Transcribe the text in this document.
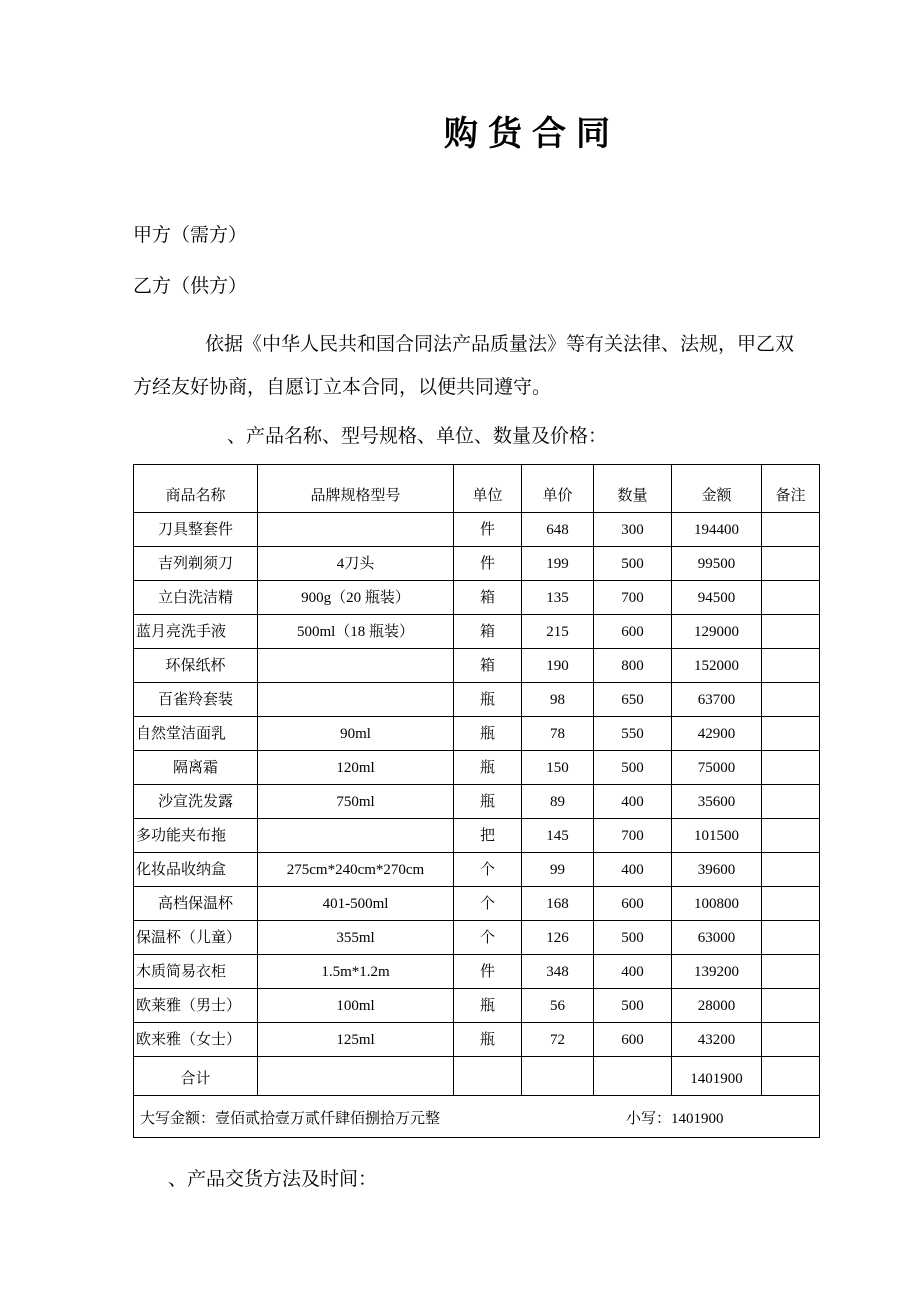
购货合同

甲方（需方）

乙方（供方）

依据《中华人民共和国合同法产品质量法》等有关法律、法规，甲乙双
方经友好协商，自愿订立本合同，以便共同遵守。
、产品名称、型号规格、单位、数量及价格：
商品名称	品牌规格型号	单位	单价	数量	金额	备注
刀具整套件		件	648	300	194400	
吉列剃须刀	4刀头	件	199	500	99500	
立白洗洁精	900g（20 瓶装）	箱	135	700	94500	
蓝月亮洗手液	500ml（18 瓶装）	箱	215	600	129000	
环保纸杯		箱	190	800	152000	
百雀羚套装		瓶	98	650	63700	
自然堂洁面乳	90ml	瓶	78	550	42900	
隔离霜	120ml	瓶	150	500	75000	
沙宣洗发露	750ml	瓶	89	400	35600	
多功能夹布拖		把	145	700	101500	
化妆品收纳盒	275cm*240cm*270cm	个	99	400	39600	
高档保温杯	401-500ml	个	168	600	100800	
保温杯（儿童）	355ml	个	126	500	63000	
木质简易衣柜	1.5m*1.2m	件	348	400	139200	
欧莱雅（男士）	100ml	瓶	56	500	28000	
欧来雅（女士）	125ml	瓶	72	600	43200	
合计					1401900	
大写金额：壹佰贰拾壹万贰仟肆佰捌拾万元整 小写：1401900						
、产品交货方法及时间：
